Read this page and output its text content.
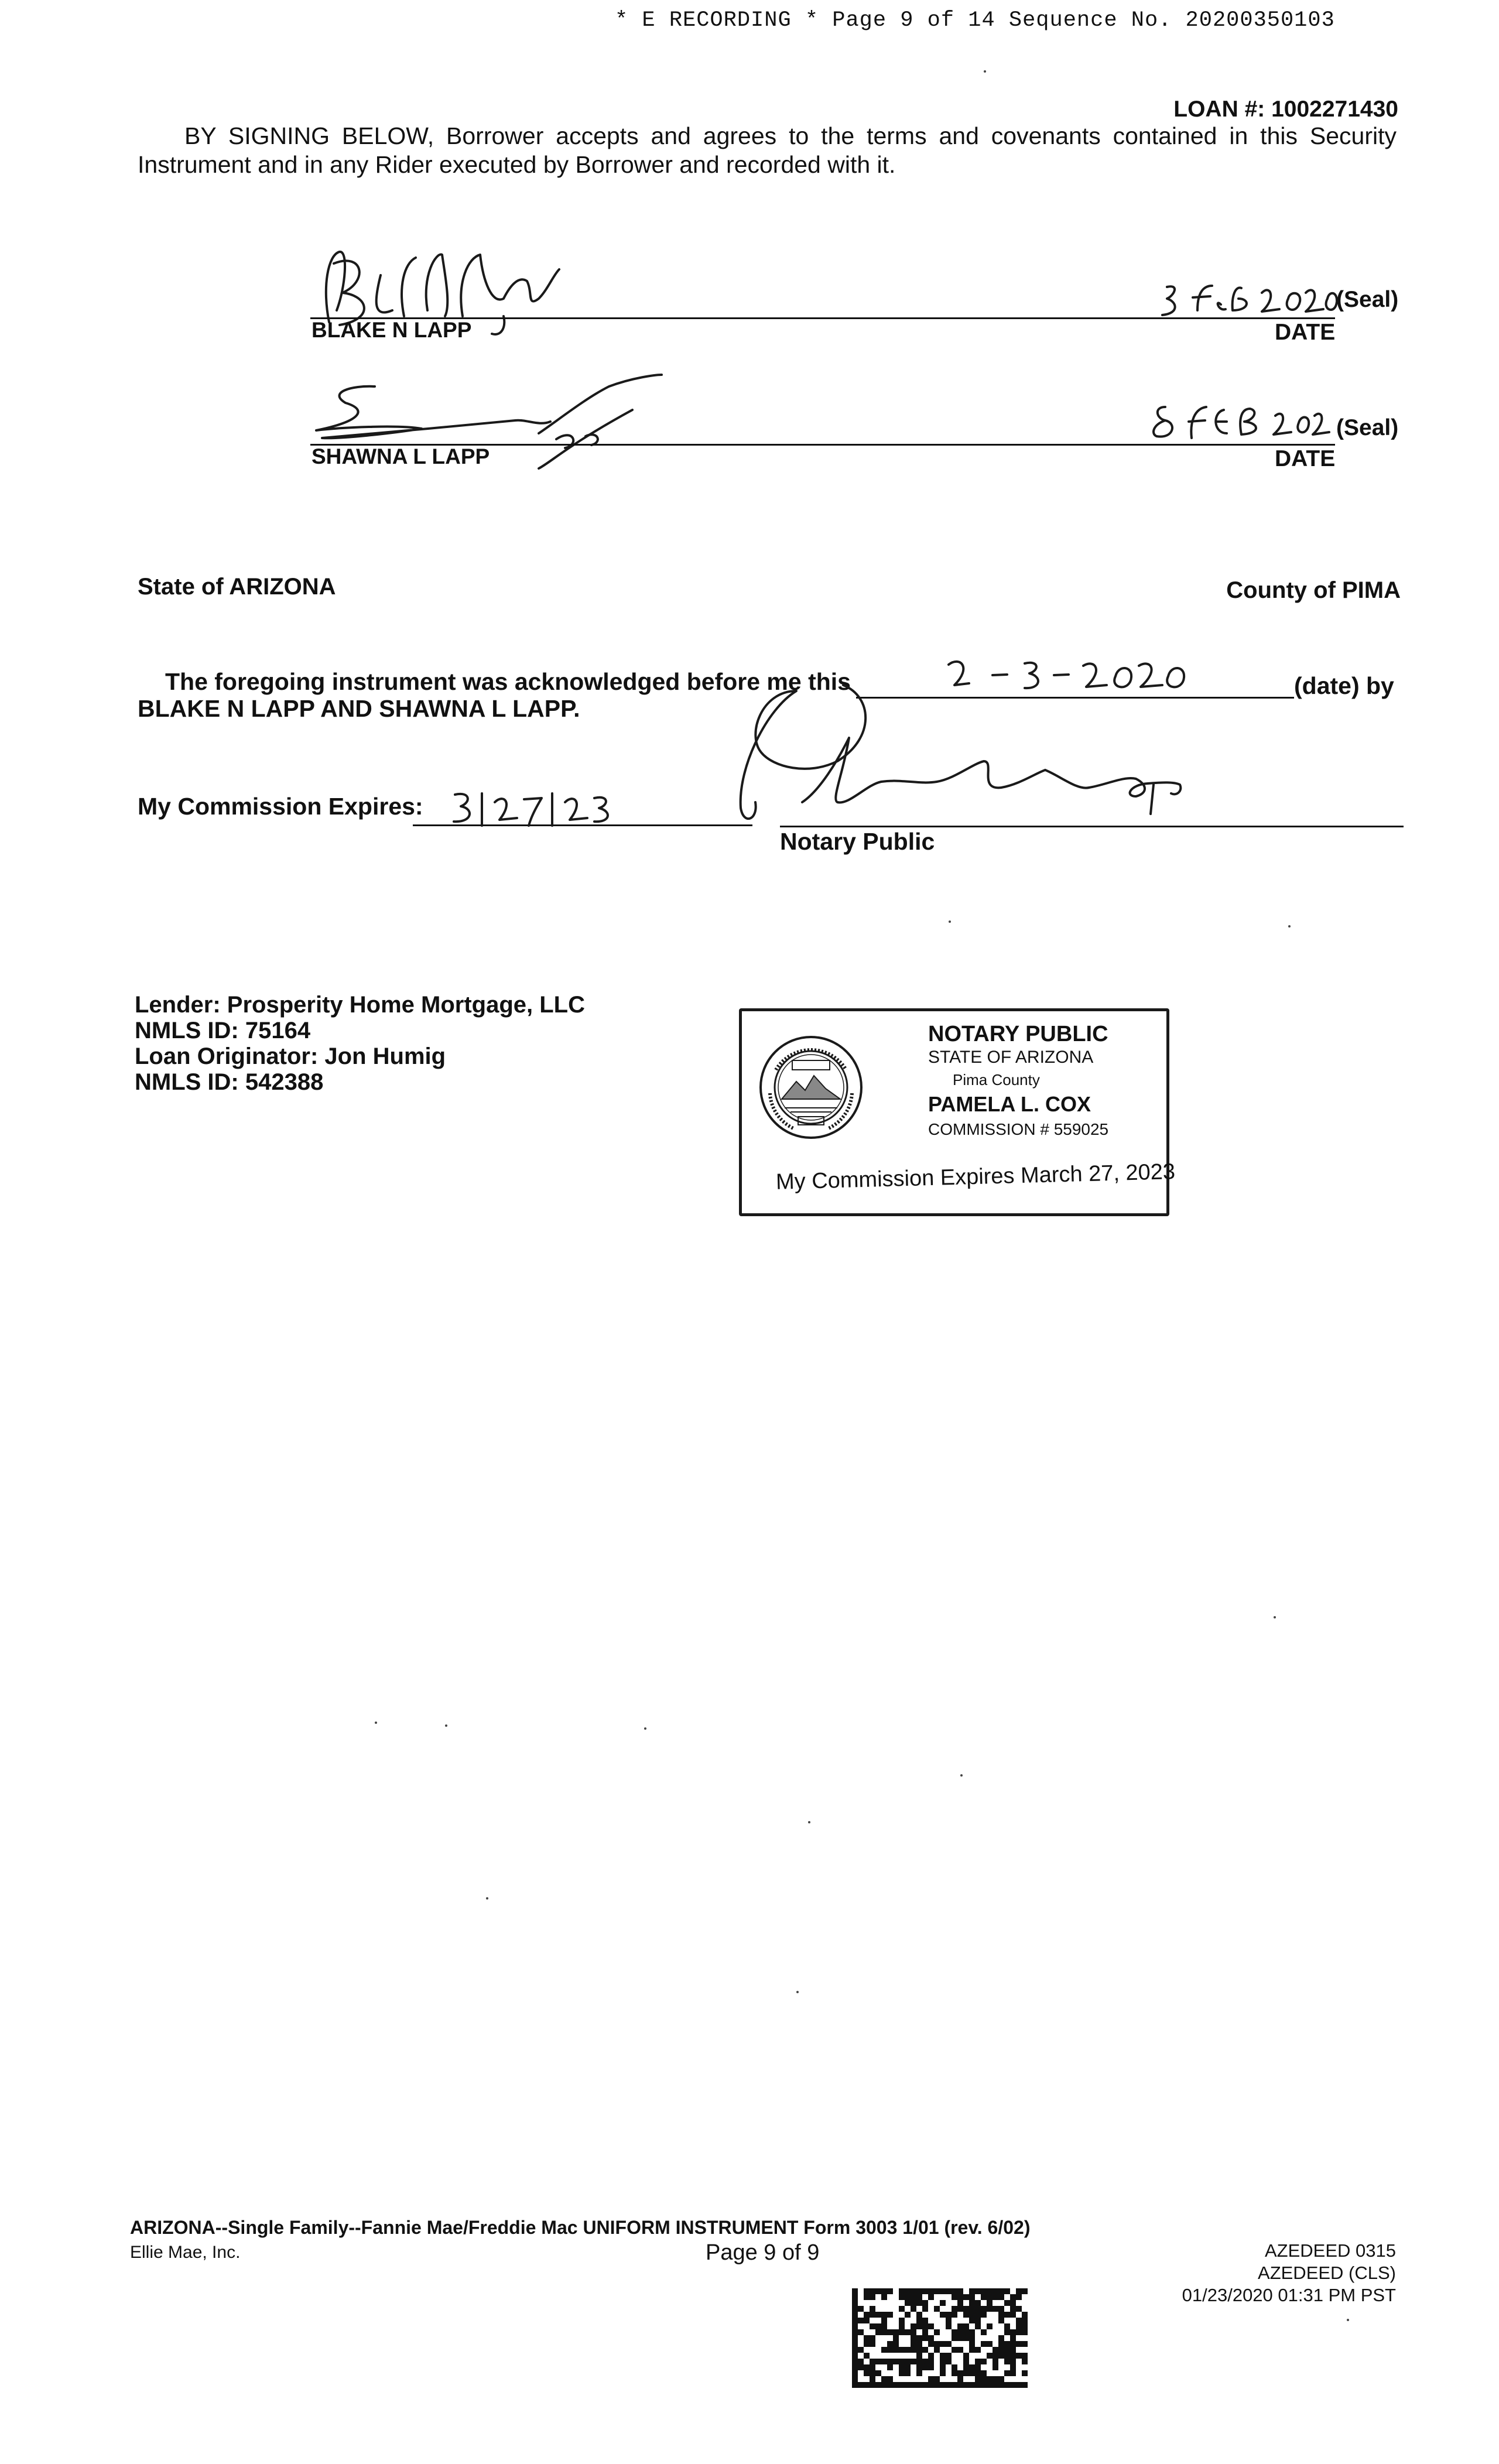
* E RECORDING * Page 9 of 14 Sequence No. 20200350103
LOAN #: 1002271430
BY SIGNING BELOW, Borrower accepts and agrees to the terms and covenants contained in this Security Instrument and in any Rider executed by Borrower and recorded with it.
(Seal)
BLAKE N LAPP	DATE
(Seal)
SHAWNA L LAPP	DATE
State of ARIZONA	County of PIMA
The foregoing instrument was acknowledged before me this	(date) by
BLAKE N LAPP AND SHAWNA L LAPP.
My Commission Expires:
Notary Public
Lender: Prosperity Home Mortgage, LLC
NMLS ID: 75164
Loan Originator: Jon Humig
NMLS ID: 542388
NOTARY PUBLIC
STATE OF ARIZONA
Pima County
PAMELA L. COX
COMMISSION # 559025
My Commission Expires March 27, 2023
ARIZONA--Single Family--Fannie Mae/Freddie Mac UNIFORM INSTRUMENT Form 3003 1/01 (rev. 6/02)
Ellie Mae, Inc.	Page 9 of 9	AZEDEED 0315
AZEDEED (CLS)
01/23/2020 01:31 PM PST
